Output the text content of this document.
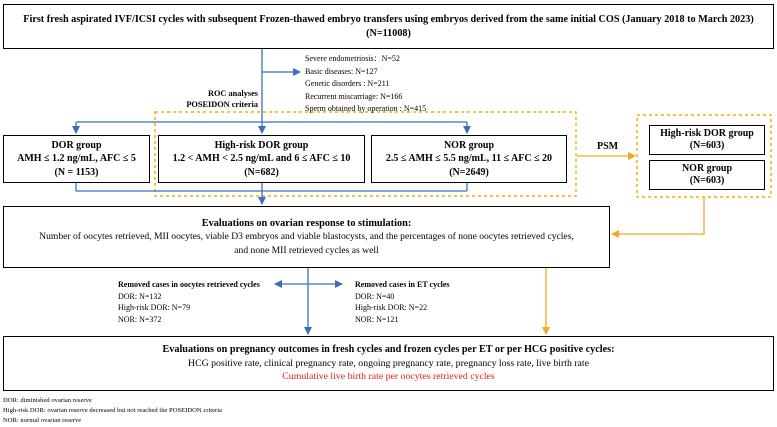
First fresh aspirated IVF/ICSI cycles with subsequent Frozen-thawed embryo transfers using embryos derived from the same initial COS (January 2018 to March 2023)
(N=11008)
Severe endometriosis：N=52
Basic diseases: N=127
Genetic disorders : N=211
Recurrent miscarriage: N=166
Sperm obtained by operation : N=415
ROC analyses
POSEIDON criteria
DOR group
AMH ≤ 1.2 ng/mL, AFC ≤ 5
(N = 1153)
High-risk DOR group
1.2 < AMH < 2.5 ng/mL and 6 ≤ AFC ≤ 10
(N=682)
NOR group
2.5 ≤ AMH ≤ 5.5 ng/mL, 11 ≤ AFC ≤ 20
(N=2649)
PSM
High-risk DOR group
(N=603)
NOR group
(N=603)
Evaluations on ovarian response to stimulation:
Number of oocytes retrieved, MII oocytes, viable D3 embryos and viable blastocysts, and the percentages of none oocytes retrieved cycles,
and none MII retrieved cycles as well
Removed cases in oocytes retrieved cycles
DOR: N=132
High-risk DOR: N=79
NOR: N=372
Removed cases in ET cycles
DOR: N=40
High-risk DOR: N=22
NOR: N=121
Evaluations on pregnancy outcomes in fresh cycles and frozen cycles per ET or per HCG positive cycles:
HCG positive rate, clinical pregnancy rate, ongoing pregnancy rate, pregnancy loss rate, live birth rate
Cumulative live birth rate per oocytes retrieved cycles
DOR: diminished ovarian reserve
High-risk DOR: ovarian reserve decreased but not reached the POSEIDON criteria
NOR: normal ovarian reserve
